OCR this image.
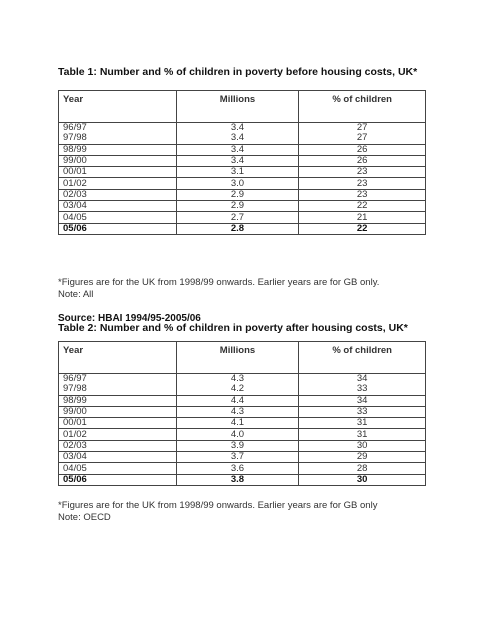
Table 1: Number and % of children in poverty before housing costs, UK*
Year	Millions	% of children
96/97	3.4	27
97/98	3.4	27
98/99	3.4	26
99/00	3.4	26
00/01	3.1	23
01/02	3.0	23
02/03	2.9	23
03/04	2.9	22
04/05	2.7	21
05/06	2.8	22
*Figures are for the UK from 1998/99 onwards. Earlier years are for GB only.
Note: All
Source: HBAI 1994/95-2005/06
Table 2: Number and % of children in poverty after housing costs, UK*
Year	Millions	% of children
96/97	4.3	34
97/98	4.2	33
98/99	4.4	34
99/00	4.3	33
00/01	4.1	31
01/02	4.0	31
02/03	3.9	30
03/04	3.7	29
04/05	3.6	28
05/06	3.8	30
*Figures are for the UK from 1998/99 onwards. Earlier years are for GB only
Note: OECD
